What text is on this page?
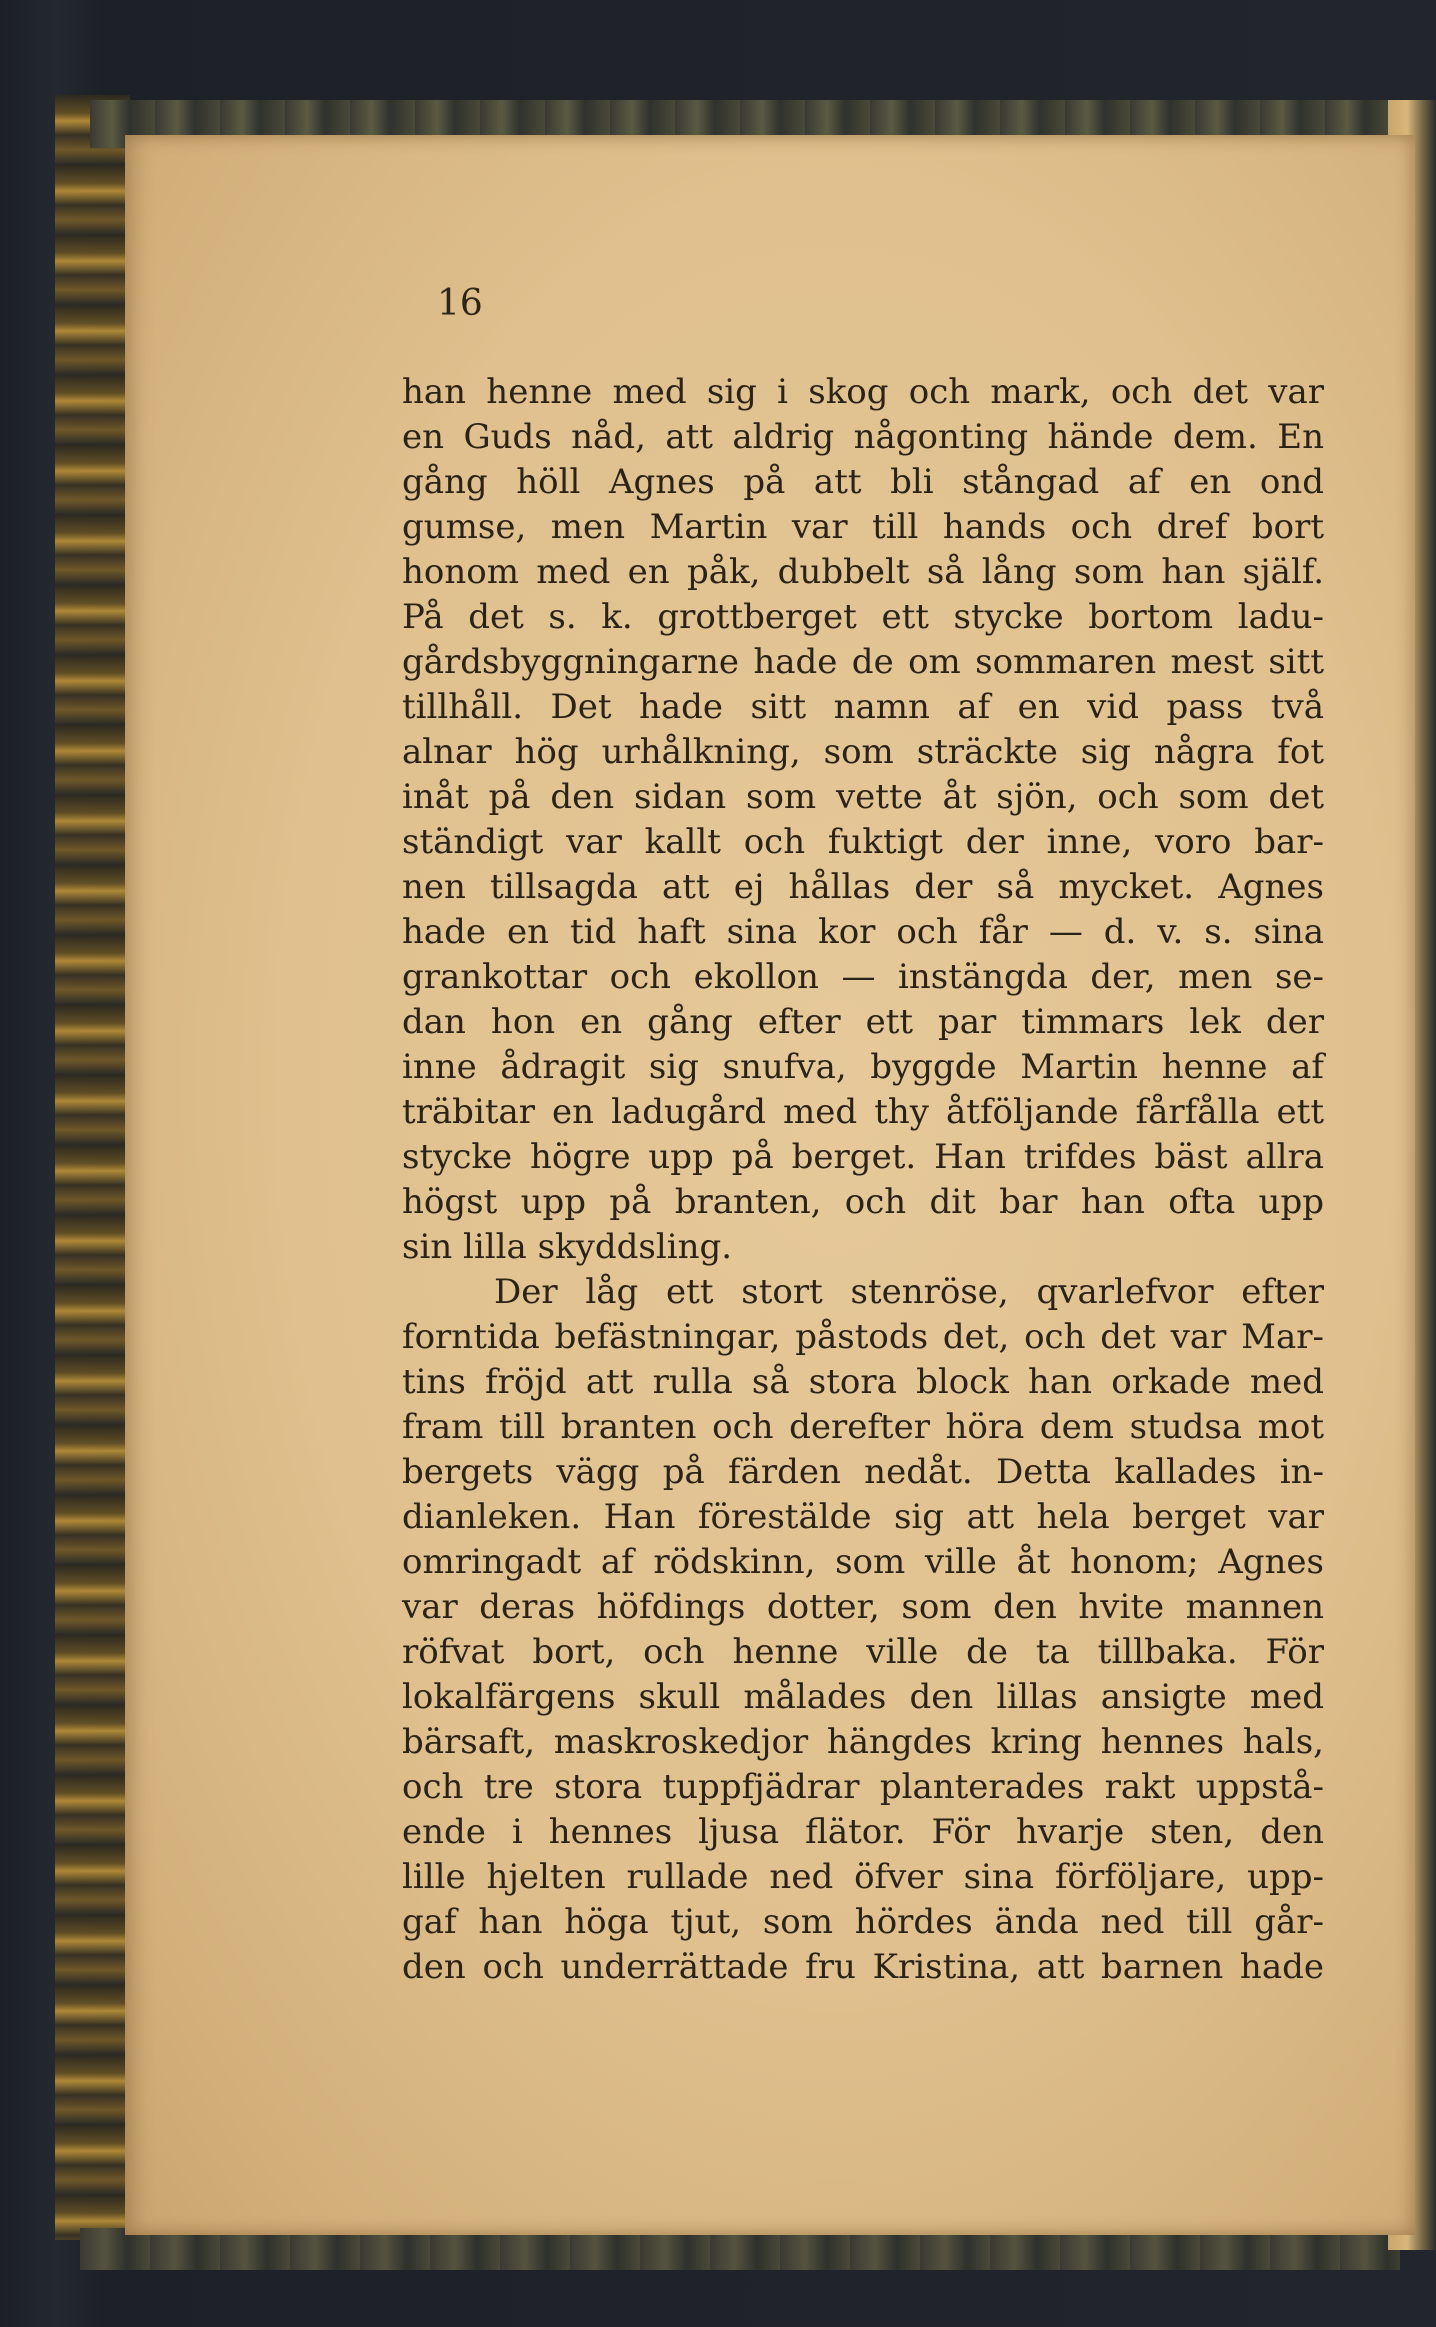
16

han henne med sig i skog och mark, och det var
en Guds nåd, att aldrig någonting hände dem. En
gång höll Agnes på att bli stångad af en ond
gumse, men Martin var till hands och dref bort
honom med en påk, dubbelt så lång som han själf.
På det s. k. grottberget ett stycke bortom ladu-
gårdsbyggningarne hade de om sommaren mest sitt
tillhåll. Det hade sitt namn af en vid pass två
alnar hög urhålkning, som sträckte sig några fot
inåt på den sidan som vette åt sjön, och som det
ständigt var kallt och fuktigt der inne, voro bar-
nen tillsagda att ej hållas der så mycket. Agnes
hade en tid haft sina kor och får — d. v. s. sina
grankottar och ekollon — instängda der, men se-
dan hon en gång efter ett par timmars lek der
inne ådragit sig snufva, byggde Martin henne af
träbitar en ladugård med thy åtföljande fårfålla ett
stycke högre upp på berget. Han trifdes bäst allra
högst upp på branten, och dit bar han ofta upp
sin lilla skyddsling.
Der låg ett stort stenröse, qvarlefvor efter
forntida befästningar, påstods det, och det var Mar-
tins fröjd att rulla så stora block han orkade med
fram till branten och derefter höra dem studsa mot
bergets vägg på färden nedåt. Detta kallades in-
dianleken. Han förestälde sig att hela berget var
omringadt af rödskinn, som ville åt honom; Agnes
var deras höfdings dotter, som den hvite mannen
röfvat bort, och henne ville de ta tillbaka. För
lokalfärgens skull målades den lillas ansigte med
bärsaft, maskroskedjor hängdes kring hennes hals,
och tre stora tuppfjädrar planterades rakt uppstå-
ende i hennes ljusa flätor. För hvarje sten, den
lille hjelten rullade ned öfver sina förföljare, upp-
gaf han höga tjut, som hördes ända ned till går-
den och underrättade fru Kristina, att barnen hade
